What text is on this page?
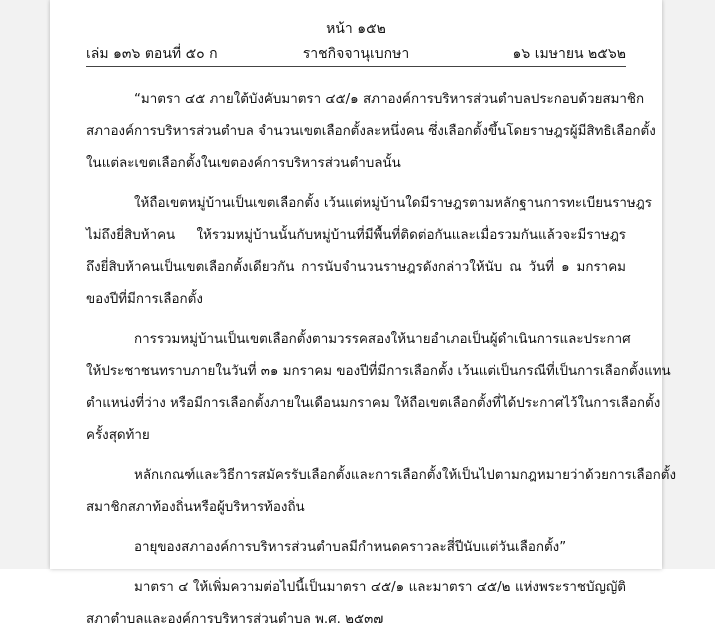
หน้า ๑๕๒
เล่ม ๑๓๖ ตอนที่ ๕๐ ก	ราชกิจจานุเบกษา	๑๖ เมษายน ๒๕๖๒
“มาตรา ๔๕ ภายใต้บังคับมาตรา ๔๕/๑ สภาองค์การบริหารส่วนตำบลประกอบด้วยสมาชิก
สภาองค์การบริหารส่วนตำบล จำนวนเขตเลือกตั้งละหนึ่งคน ซึ่งเลือกตั้งขึ้นโดยราษฎรผู้มีสิทธิเลือกตั้ง
ในแต่ละเขตเลือกตั้งในเขตองค์การบริหารส่วนตำบลนั้น
ให้ถือเขตหมู่บ้านเป็นเขตเลือกตั้ง เว้นแต่หมู่บ้านใดมีราษฎรตามหลักฐานการทะเบียนราษฎร
ไม่ถึงยี่สิบห้าคน ให้รวมหมู่บ้านนั้นกับหมู่บ้านที่มีพื้นที่ติดต่อกันและเมื่อรวมกันแล้วจะมีราษฎร
ถึงยี่สิบห้าคนเป็นเขตเลือกตั้งเดียวกัน การนับจำนวนราษฎรดังกล่าวให้นับ ณ วันที่ ๑ มกราคม
ของปีที่มีการเลือกตั้ง
การรวมหมู่บ้านเป็นเขตเลือกตั้งตามวรรคสองให้นายอำเภอเป็นผู้ดำเนินการและประกาศ
ให้ประชาชนทราบภายในวันที่ ๓๑ มกราคม ของปีที่มีการเลือกตั้ง เว้นแต่เป็นกรณีที่เป็นการเลือกตั้งแทน
ตำแหน่งที่ว่าง หรือมีการเลือกตั้งภายในเดือนมกราคม ให้ถือเขตเลือกตั้งที่ได้ประกาศไว้ในการเลือกตั้ง
ครั้งสุดท้าย
หลักเกณฑ์และวิธีการสมัครรับเลือกตั้งและการเลือกตั้งให้เป็นไปตามกฎหมายว่าด้วยการเลือกตั้ง
สมาชิกสภาท้องถิ่นหรือผู้บริหารท้องถิ่น
อายุของสภาองค์การบริหารส่วนตำบลมีกำหนดคราวละสี่ปีนับแต่วันเลือกตั้ง”
มาตรา ๔ ให้เพิ่มความต่อไปนี้เป็นมาตรา ๔๕/๑ และมาตรา ๔๕/๒ แห่งพระราชบัญญัติ
สภาตำบลและองค์การบริหารส่วนตำบล พ.ศ. ๒๕๓๗
